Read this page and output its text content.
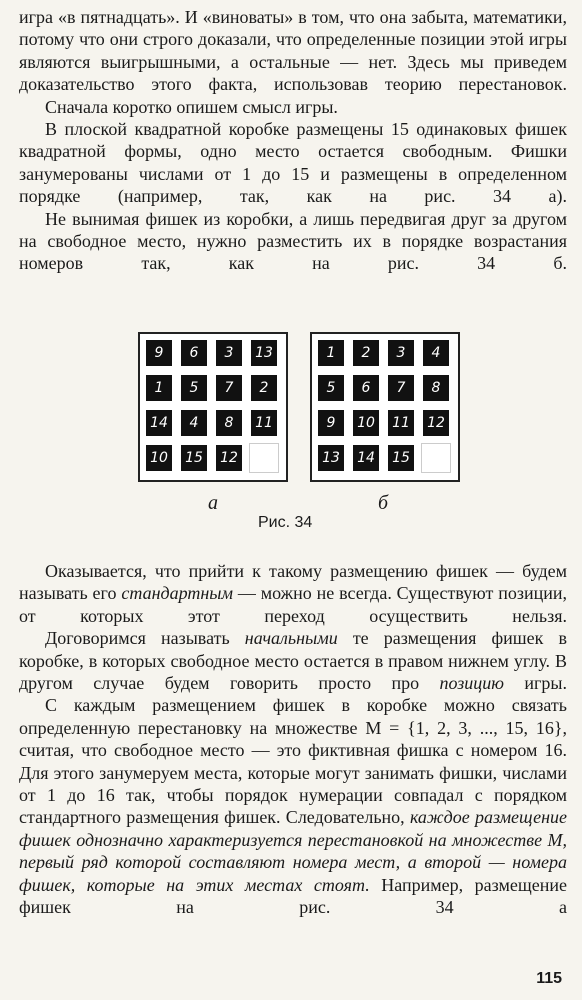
игра «в пятнадцать». И «виноваты» в том, что она забыта, математики, потому что они строго доказали, что определенные позиции этой игры являются выигрышными, а остальные — нет. Здесь мы приведем доказательство этого факта, использовав теорию перестановок.

Сначала коротко опишем смысл игры.

В плоской квадратной коробке размещены 15 одинаковых фишек квадратной формы, одно место остается свободным. Фишки занумерованы числами от 1 до 15 и размещены в определенном порядке (например, так, как на рис. 34 а).

Не вынимая фишек из коробки, а лишь передвигая друг за другом на свободное место, нужно разместить их в порядке возрастания номеров так, как на рис. 34 б.

9	6	3	13
1	5	7	2
14	4	8	11
10	15	12
1	2	3	4
5	6	7	8
9	10	11	12
13	14	15
а	б
Рис. 34

Оказывается, что прийти к такому размещению фишек — будем называть его стандартным — можно не всегда. Существуют позиции, от которых этот переход осуществить нельзя.

Договоримся называть начальными те размещения фишек в коробке, в которых свободное место остается в правом нижнем углу. В другом случае будем говорить просто про позицию игры.

С каждым размещением фишек в коробке можно связать определенную перестановку на множестве M = {1, 2, 3, ..., 15, 16}, считая, что свободное место — это фиктивная фишка с номером 16. Для этого занумеруем места, которые могут занимать фишки, числами от 1 до 16 так, чтобы порядок нумерации совпадал с порядком стандартного размещения фишек. Следовательно, каждое размещение фишек однозначно характеризуется перестановкой на множестве M, первый ряд которой составляют номера мест, а второй — номера фишек, которые на этих местах стоят. Например, размещение фишек на рис. 34 а

115
